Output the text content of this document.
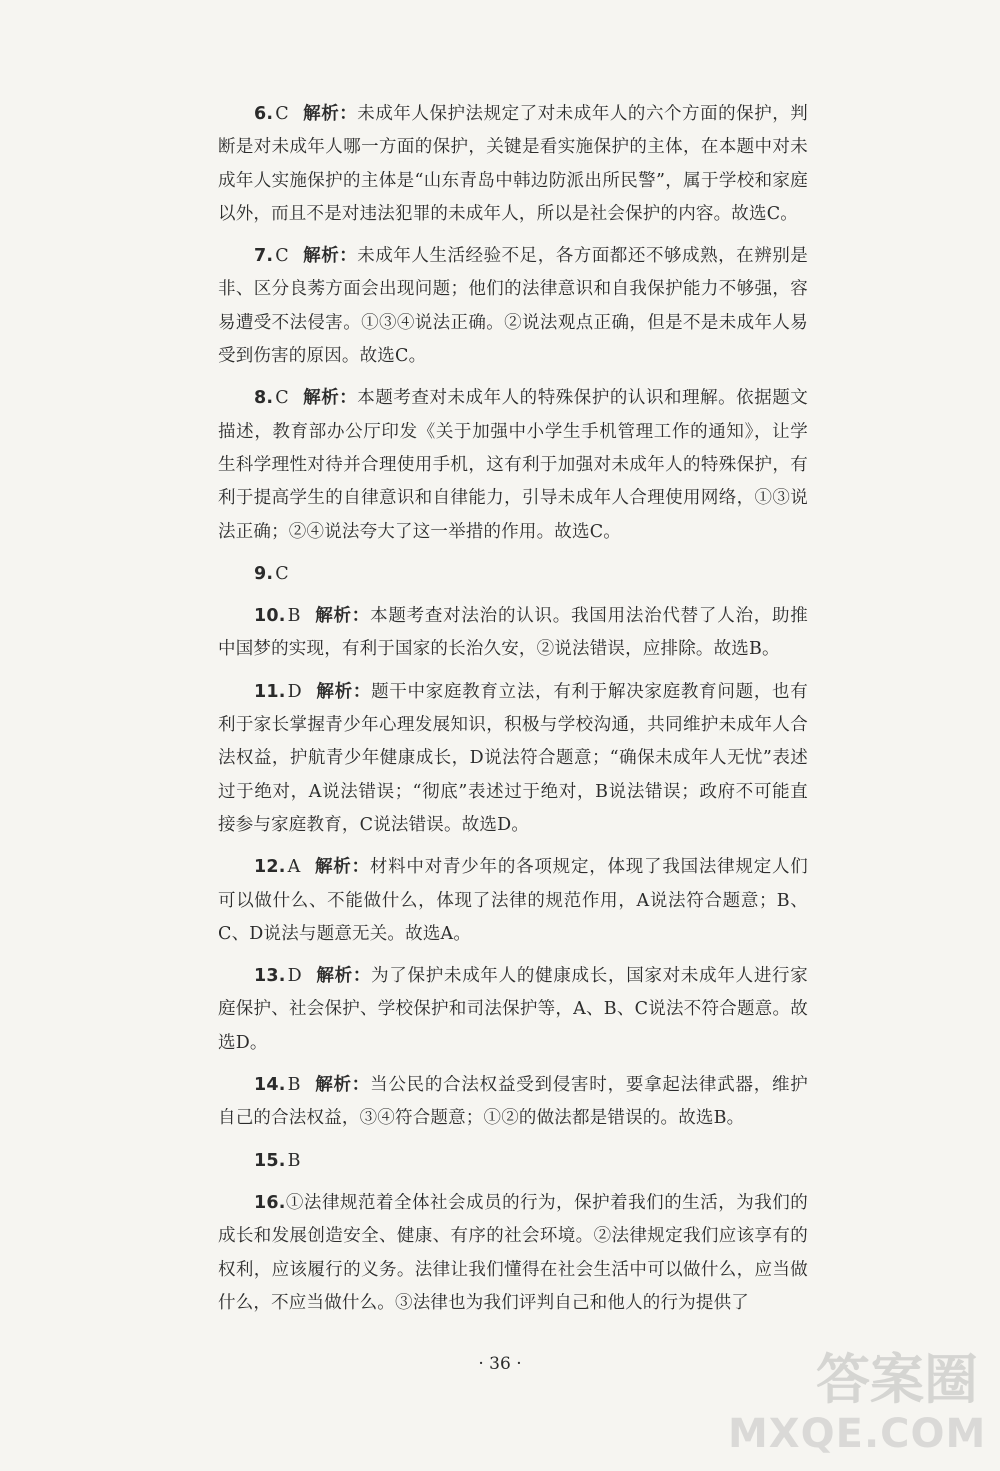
6. C 解析：未成年人保护法规定了对未成年人的六个方面的保护，判断是对未成年人哪一方面的保护，关键是看实施保护的主体，在本题中对未成年人实施保护的主体是“山东青岛中韩边防派出所民警”，属于学校和家庭以外，而且不是对违法犯罪的未成年人，所以是社会保护的内容。故选C。

7. C 解析：未成年人生活经验不足，各方面都还不够成熟，在辨别是非、区分良莠方面会出现问题；他们的法律意识和自我保护能力不够强，容易遭受不法侵害。①③④说法正确。②说法观点正确，但是不是未成年人易受到伤害的原因。故选C。

8. C 解析：本题考查对未成年人的特殊保护的认识和理解。依据题文描述，教育部办公厅印发《关于加强中小学生手机管理工作的通知》，让学生科学理性对待并合理使用手机，这有利于加强对未成年人的特殊保护，有利于提高学生的自律意识和自律能力，引导未成年人合理使用网络，①③说法正确；②④说法夸大了这一举措的作用。故选C。

9. C

10. B 解析：本题考查对法治的认识。我国用法治代替了人治，助推中国梦的实现，有利于国家的长治久安，②说法错误，应排除。故选B。

11. D 解析：题干中家庭教育立法，有利于解决家庭教育问题，也有利于家长掌握青少年心理发展知识，积极与学校沟通，共同维护未成年人合法权益，护航青少年健康成长，D说法符合题意；“确保未成年人无忧”表述过于绝对，A说法错误；“彻底”表述过于绝对，B说法错误；政府不可能直接参与家庭教育，C说法错误。故选D。

12. A 解析：材料中对青少年的各项规定，体现了我国法律规定人们可以做什么、不能做什么，体现了法律的规范作用，A说法符合题意；B、C、D说法与题意无关。故选A。

13. D 解析：为了保护未成年人的健康成长，国家对未成年人进行家庭保护、社会保护、学校保护和司法保护等，A、B、C说法不符合题意。故选D。

14. B 解析：当公民的合法权益受到侵害时，要拿起法律武器，维护自己的合法权益，③④符合题意；①②的做法都是错误的。故选B。

15. B

16.①法律规范着全体社会成员的行为，保护着我们的生活，为我们的成长和发展创造安全、健康、有序的社会环境。②法律规定我们应该享有的权利，应该履行的义务。法律让我们懂得在社会生活中可以做什么，应当做什么，不应当做什么。③法律也为我们评判自己和他人的行为提供了

· 36 ·	答案圈
MXQE.COM
